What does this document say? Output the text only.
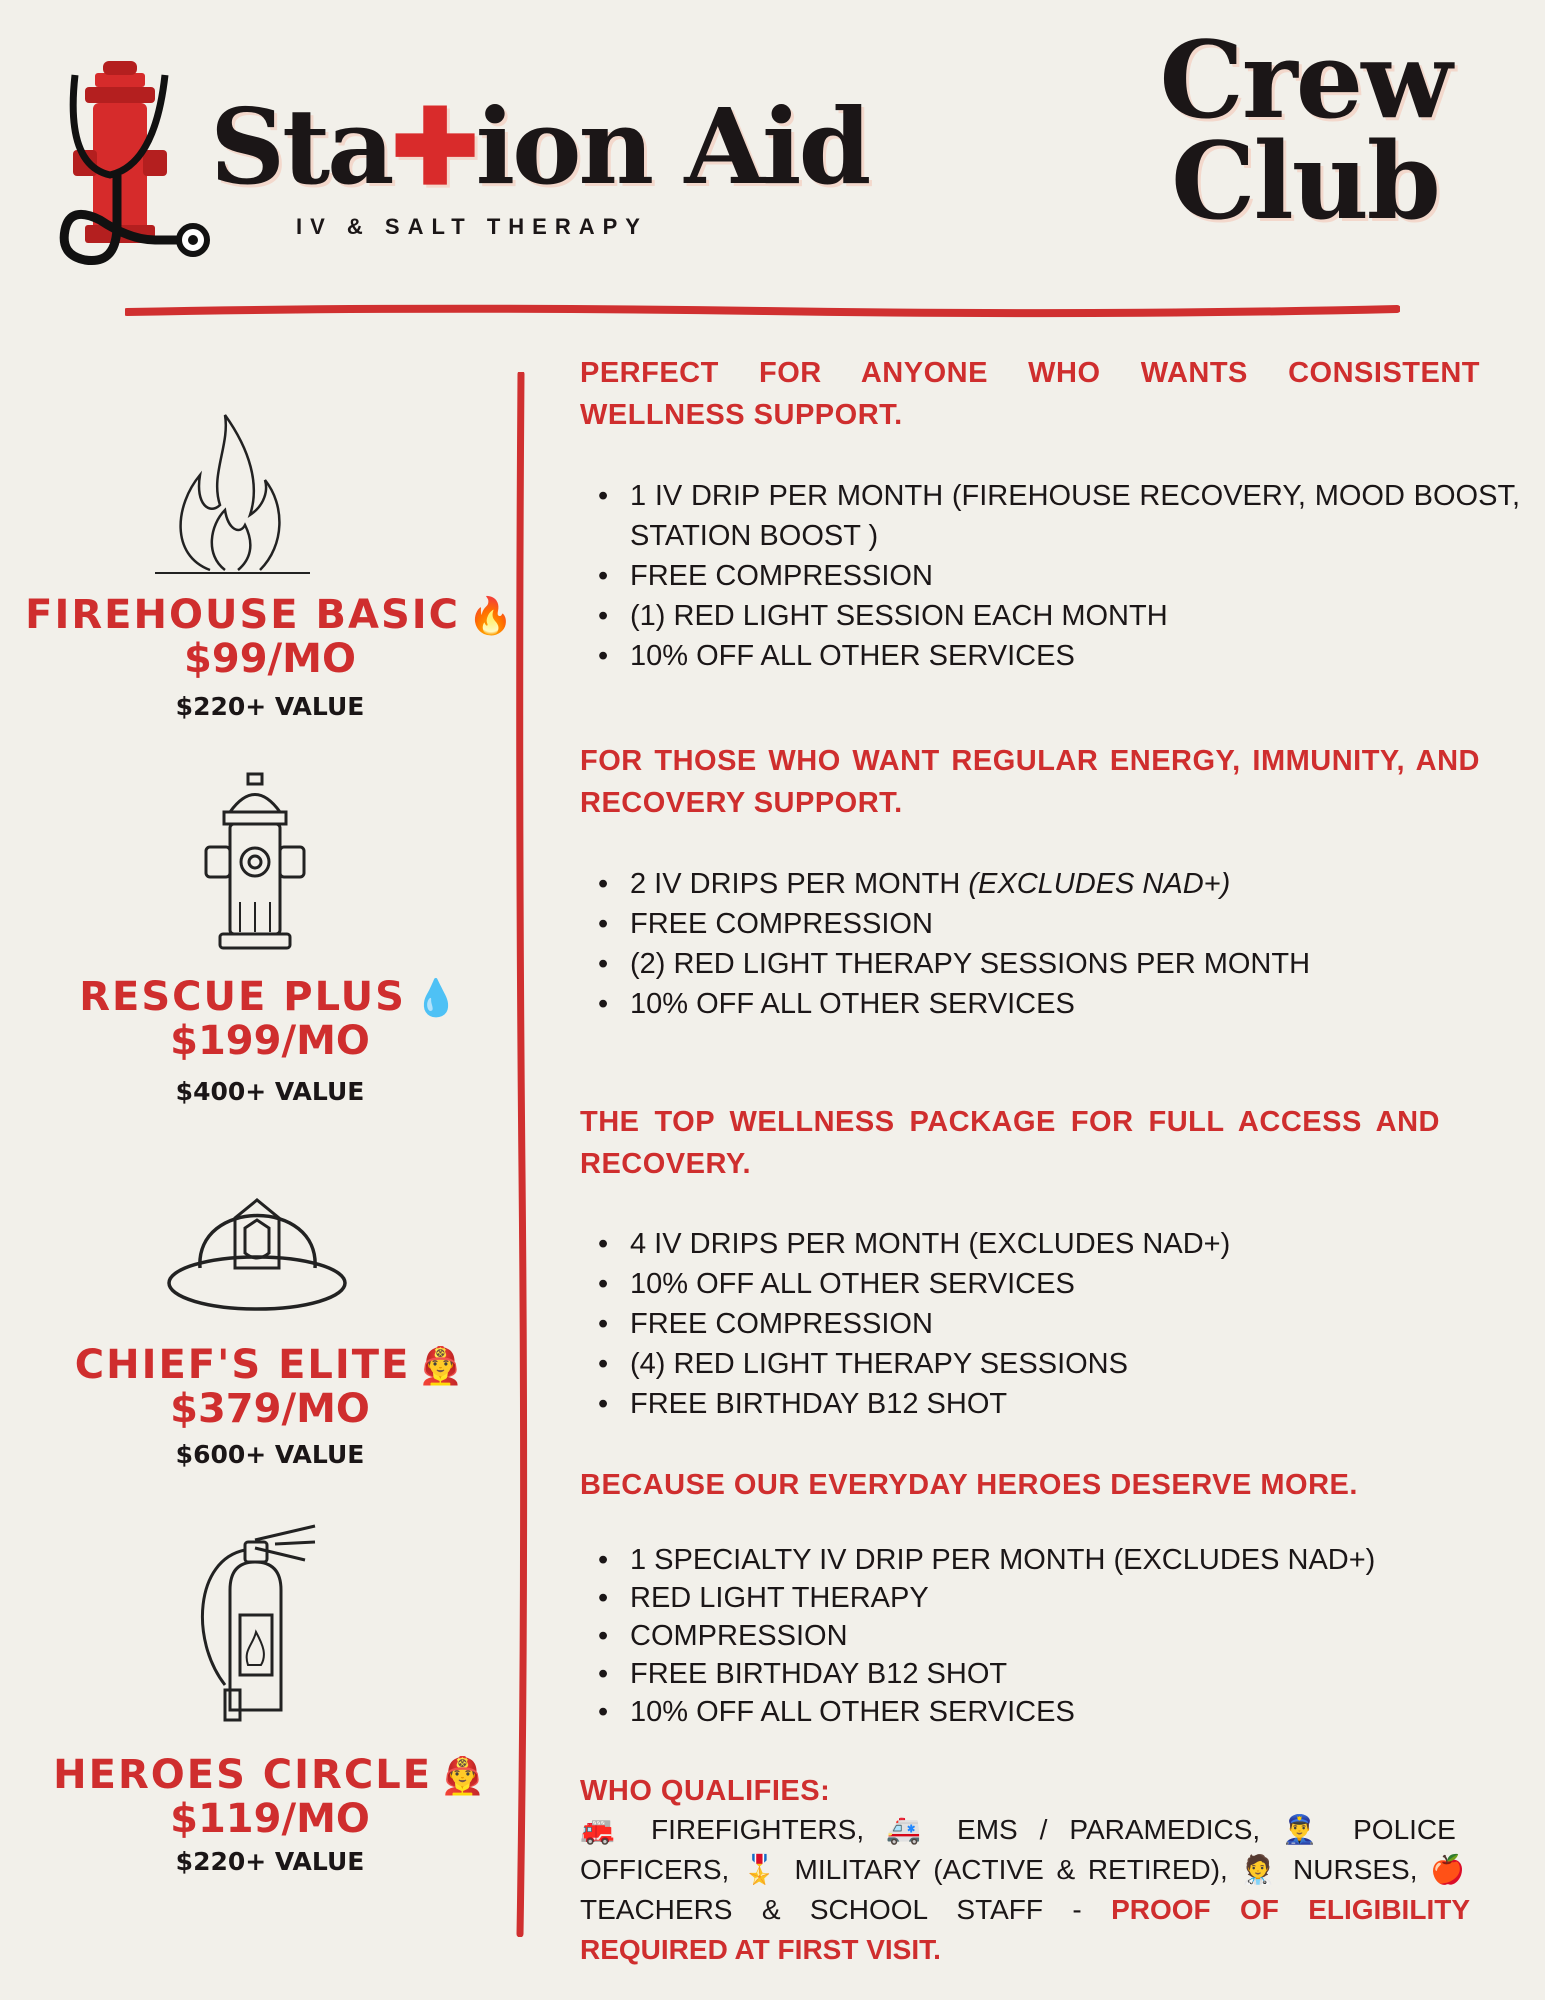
Sta✚ion Aid
IV & SALT THERAPY
Crew
Club
FIREHOUSE BASIC 🔥
$99/MO
$220+ VALUE
RESCUE PLUS 💧
$199/MO
$400+ VALUE
CHIEF'S ELITE 👨‍🚒
$379/MO
$600+ VALUE
HEROES CIRCLE 👨‍🚒
$119/MO
$220+ VALUE
PERFECT FOR ANYONE WHO WANTS CONSISTENT WELLNESS SUPPORT.
• 1 IV DRIP PER MONTH (FIREHOUSE RECOVERY, MOOD BOOST, STATION BOOST )
• FREE COMPRESSION
• (1) RED LIGHT SESSION EACH MONTH
• 10% OFF ALL OTHER SERVICES
FOR THOSE WHO WANT REGULAR ENERGY, IMMUNITY, AND RECOVERY SUPPORT.
• 2 IV DRIPS PER MONTH (EXCLUDES NAD+)
• FREE COMPRESSION
• (2) RED LIGHT THERAPY SESSIONS PER MONTH
• 10% OFF ALL OTHER SERVICES
THE TOP WELLNESS PACKAGE FOR FULL ACCESS AND RECOVERY.
• 4 IV DRIPS PER MONTH (EXCLUDES NAD+)
• 10% OFF ALL OTHER SERVICES
• FREE COMPRESSION
• (4) RED LIGHT THERAPY SESSIONS
• FREE BIRTHDAY B12 SHOT
BECAUSE OUR EVERYDAY HEROES DESERVE MORE.
• 1 SPECIALTY IV DRIP PER MONTH (EXCLUDES NAD+)
• RED LIGHT THERAPY
• COMPRESSION
• FREE BIRTHDAY B12 SHOT
• 10% OFF ALL OTHER SERVICES
WHO QUALIFIES:
🚒 FIREFIGHTERS, 🚑 EMS / PARAMEDICS, 👮‍♂️ POLICE OFFICERS, 🎖️ MILITARY (ACTIVE & RETIRED), 🧑‍⚕️ NURSES, 🍎 TEACHERS & SCHOOL STAFF - PROOF OF ELIGIBILITY REQUIRED AT FIRST VISIT.
